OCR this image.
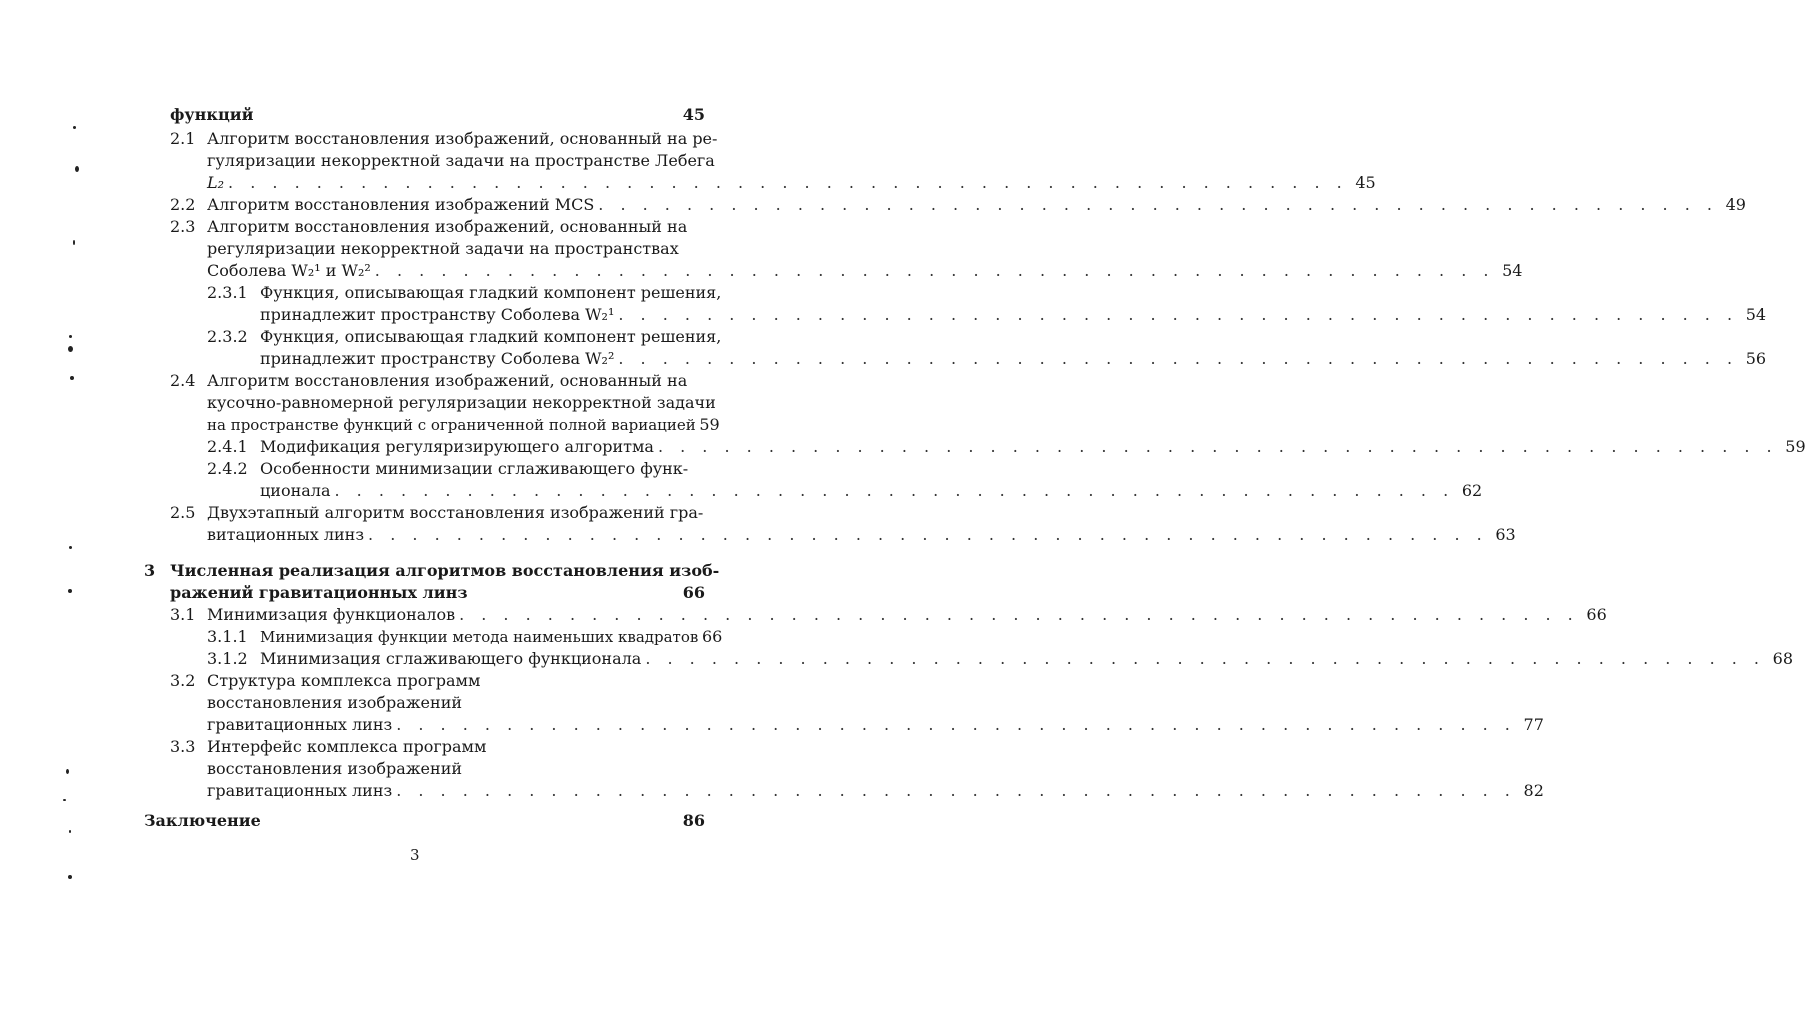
функций	45
2.1 Алгоритм восстановления изображений, основанный на ре-
гуляризации некорректной задачи на пространстве Лебега
L₂ . . . . . . . . . . . . . . . . . . . . . . . . . . . . . . . . . . . . . . . . . . . . . . . . . . . 45
2.2 Алгоритм восстановления изображений MCS . . . . . . . . . . . . . . . . . . . . . . . . . . . . . . . . . . . . . . . . . . . . . . . . . . . 49
2.3 Алгоритм восстановления изображений, основанный на
регуляризации некорректной задачи на пространствах
Соболева W₂¹ и W₂² . . . . . . . . . . . . . . . . . . . . . . . . . . . . . . . . . . . . . . . . . . . . . . . . . . . 54
2.3.1 Функция, описывающая гладкий компонент решения,
принадлежит пространству Соболева W₂¹ . . . . . . . . . . . . . . . . . . . . . . . . . . . . . . . . . . . . . . . . . . . . . . . . . . . 54
2.3.2 Функция, описывающая гладкий компонент решения,
принадлежит пространству Соболева W₂² . . . . . . . . . . . . . . . . . . . . . . . . . . . . . . . . . . . . . . . . . . . . . . . . . . . 56
2.4 Алгоритм восстановления изображений, основанный на
кусочно-равномерной регуляризации некорректной задачи
на пространстве функций с ограниченной полной вариацией 59
2.4.1 Модификация регуляризирующего алгоритма . . . . . . . . . . . . . . . . . . . . . . . . . . . . . . . . . . . . . . . . . . . . . . . . . . . 59
2.4.2 Особенности минимизации сглаживающего функ-
ционала . . . . . . . . . . . . . . . . . . . . . . . . . . . . . . . . . . . . . . . . . . . . . . . . . . . 62
2.5 Двухэтапный алгоритм восстановления изображений гра-
витационных линз . . . . . . . . . . . . . . . . . . . . . . . . . . . . . . . . . . . . . . . . . . . . . . . . . . . 63
3 Численная реализация алгоритмов восстановления изоб-
ражений гравитационных линз	66
3.1 Минимизация функционалов . . . . . . . . . . . . . . . . . . . . . . . . . . . . . . . . . . . . . . . . . . . . . . . . . . . 66
3.1.1 Минимизация функции метода наименьших квадратов 66
3.1.2 Минимизация сглаживающего функционала . . . . . . . . . . . . . . . . . . . . . . . . . . . . . . . . . . . . . . . . . . . . . . . . . . . 68
3.2 Структура комплекса программ
восстановления изображений
гравитационных линз . . . . . . . . . . . . . . . . . . . . . . . . . . . . . . . . . . . . . . . . . . . . . . . . . . . 77
3.3 Интерфейс комплекса программ
восстановления изображений
гравитационных линз . . . . . . . . . . . . . . . . . . . . . . . . . . . . . . . . . . . . . . . . . . . . . . . . . . . 82
Заключение	86
3
